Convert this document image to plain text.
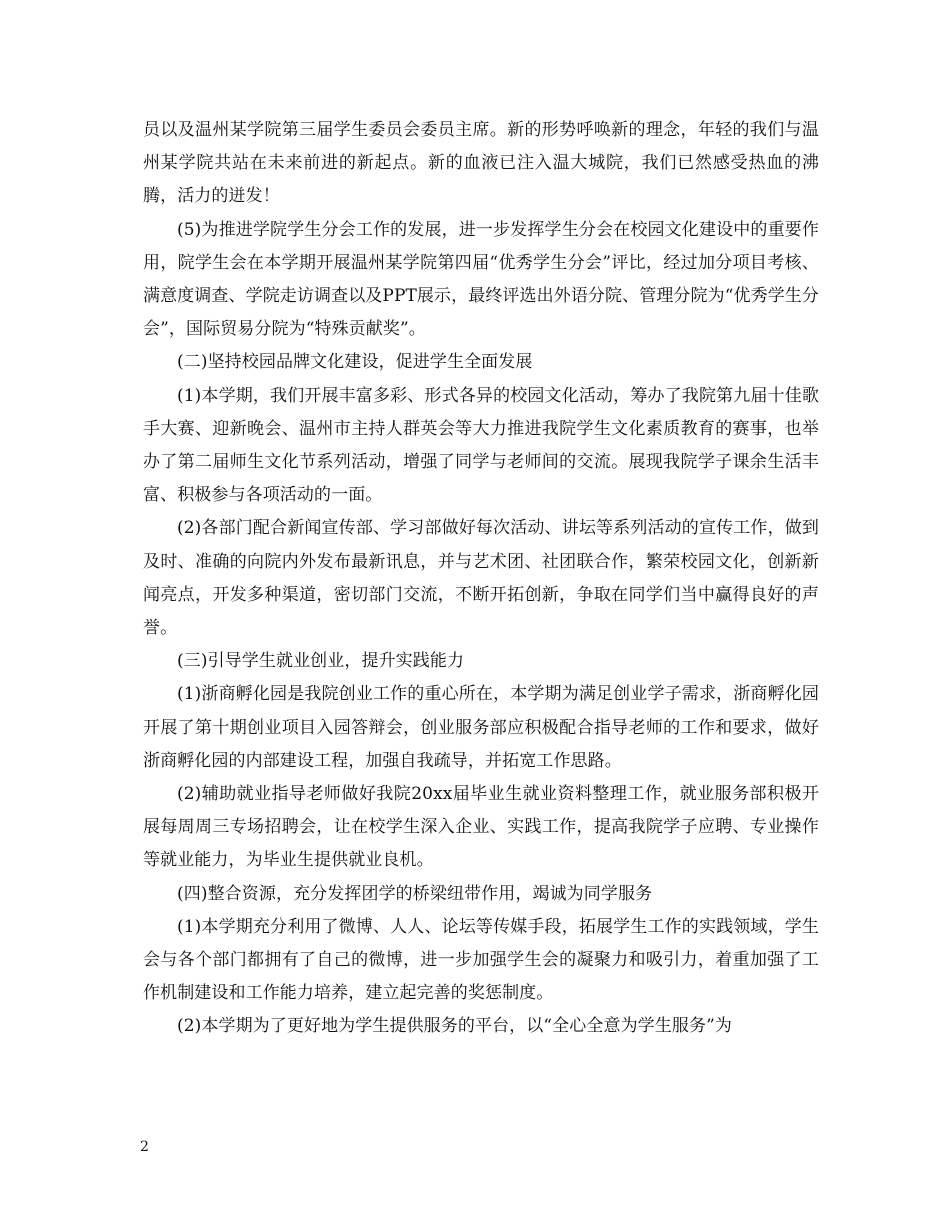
员以及温州某学院第三届学生委员会委员主席。新的形势呼唤新的理念，年轻的我们与温州某学院共站在未来前进的新起点。新的血液已注入温大城院，我们已然感受热血的沸腾，活力的迸发！

(5)为推进学院学生分会工作的发展，进一步发挥学生分会在校园文化建设中的重要作用，院学生会在本学期开展温州某学院第四届“优秀学生分会”评比，经过加分项目考核、满意度调查、学院走访调查以及PPT展示，最终评选出外语分院、管理分院为“优秀学生分会”，国际贸易分院为“特殊贡献奖”。

(二)坚持校园品牌文化建设，促进学生全面发展

(1)本学期，我们开展丰富多彩、形式各异的校园文化活动，筹办了我院第九届十佳歌手大赛、迎新晚会、温州市主持人群英会等大力推进我院学生文化素质教育的赛事，也举办了第二届师生文化节系列活动，增强了同学与老师间的交流。展现我院学子课余生活丰富、积极参与各项活动的一面。

(2)各部门配合新闻宣传部、学习部做好每次活动、讲坛等系列活动的宣传工作，做到及时、准确的向院内外发布最新讯息，并与艺术团、社团联合作，繁荣校园文化，创新新闻亮点，开发多种渠道，密切部门交流，不断开拓创新，争取在同学们当中赢得良好的声誉。

(三)引导学生就业创业，提升实践能力

(1)浙商孵化园是我院创业工作的重心所在，本学期为满足创业学子需求，浙商孵化园开展了第十期创业项目入园答辩会，创业服务部应积极配合指导老师的工作和要求，做好浙商孵化园的内部建设工程，加强自我疏导，并拓宽工作思路。

(2)辅助就业指导老师做好我院20xx届毕业生就业资料整理工作，就业服务部积极开展每周周三专场招聘会，让在校学生深入企业、实践工作，提高我院学子应聘、专业操作等就业能力，为毕业生提供就业良机。

(四)整合资源，充分发挥团学的桥梁纽带作用，竭诚为同学服务

(1)本学期充分利用了微博、人人、论坛等传媒手段，拓展学生工作的实践领域，学生会与各个部门都拥有了自己的微博，进一步加强学生会的凝聚力和吸引力，着重加强了工作机制建设和工作能力培养，建立起完善的奖惩制度。

(2)本学期为了更好地为学生提供服务的平台，以“全心全意为学生服务”为

2
